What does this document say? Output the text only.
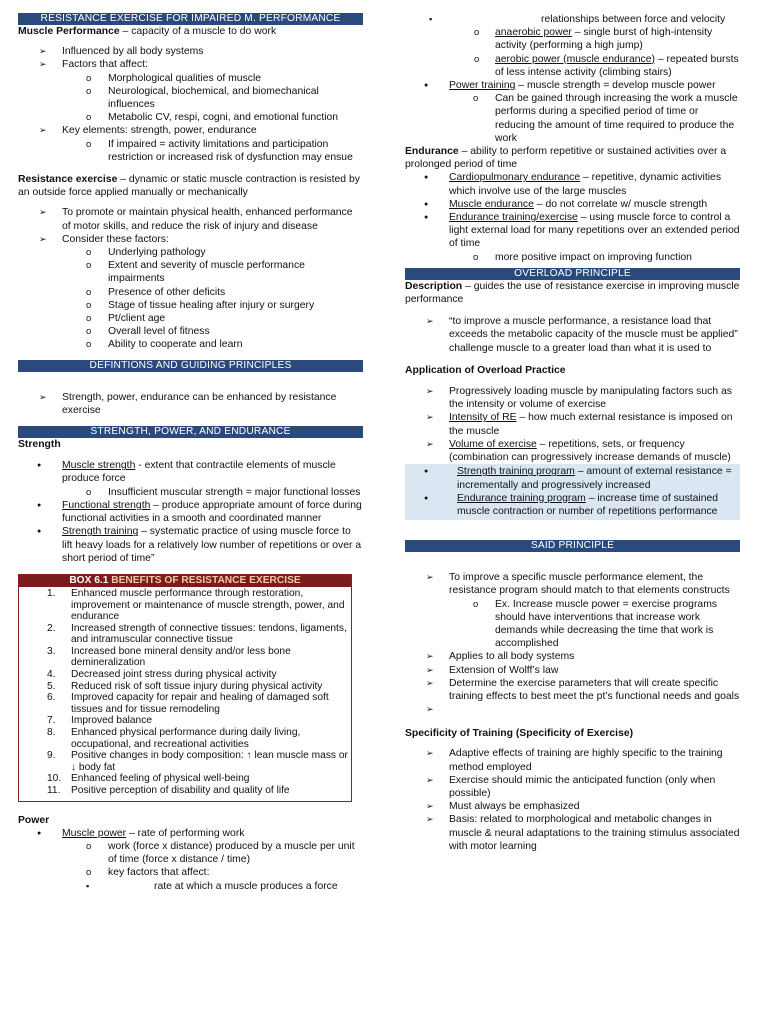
RESISTANCE EXERCISE FOR IMPAIRED M. PERFORMANCE
Muscle Performance – capacity of a muscle to do work
➢ Influenced by all body systems
➢ Factors that affect:
o Morphological qualities of muscle
o Neurological, biochemical, and biomechanical influences
o Metabolic CV, respi, cogni, and emotional function
➢ Key elements: strength, power, endurance
o If impaired = activity limitations and participation restriction or increased risk of dysfunction may ensue
Resistance exercise – dynamic or static muscle contraction is resisted by an outside force applied manually or mechanically
➢ To promote or maintain physical health, enhanced performance of motor skills, and reduce the risk of injury and disease
➢ Consider these factors:
o Underlying pathology
o Extent and severity of muscle performance impairments
o Presence of other deficits
o Stage of tissue healing after injury or surgery
o Pt/client age
o Overall level of fitness
o Ability to cooperate and learn
DEFINTIONS AND GUIDING PRINCIPLES
➢ Strength, power, endurance can be enhanced by resistance exercise
STRENGTH, POWER, AND ENDURANCE
Strength
● Muscle strength - extent that contractile elements of muscle produce force
o Insufficient muscular strength = major functional losses
● Functional strength – produce appropriate amount of force during functional activities in a smooth and coordinated manner
● Strength training – systematic practice of using muscle force to lift heavy loads for a relatively low number of repetitions or over a short period of time”
BOX 6.1 BENEFITS OF RESISTANCE EXERCISE
1. Enhanced muscle performance through restoration, improvement or maintenance of muscle strength, power, and endurance
2. Increased strength of connective tissues: tendons, ligaments, and intramuscular connective tissue
3. Increased bone mineral density and/or less bone demineralization
4. Decreased joint stress during physical activity
5. Reduced risk of soft tissue injury during physical activity
6. Improved capacity for repair and healing of damaged soft tissues and for tissue remodeling
7. Improved balance
8. Enhanced physical performance during daily living, occupational, and recreational activities
9. Positive changes in body composition: ↑ lean muscle mass or ↓ body fat
10. Enhanced feeling of physical well-being
11. Positive perception of disability and quality of life
Power
● Muscle power – rate of performing work
o work (force x distance) produced by a muscle per unit of time (force x distance / time)
o key factors that affect:
▪ rate at which a muscle produces a force
▪ relationships between force and velocity
o anaerobic power – single burst of high-intensity activity (performing a high jump)
o aerobic power (muscle endurance) – repeated bursts of less intense activity (climbing stairs)
● Power training – muscle strength = develop muscle power
o Can be gained through increasing the work a muscle performs during a specified period of time or reducing the amount of time required to produce the work
Endurance – ability to perform repetitive or sustained activities over a prolonged period of time
● Cardiopulmonary endurance – repetitive, dynamic activities which involve use of the large muscles
● Muscle endurance – do not correlate w/ muscle strength
● Endurance training/exercise – using muscle force to control a light external load for many repetitions over an extended period of time
o more positive impact on improving function
OVERLOAD PRINCIPLE
Description – guides the use of resistance exercise in improving muscle performance
➢ “to improve a muscle performance, a resistance load that exceeds the metabolic capacity of the muscle must be applied” challenge muscle to a greater load than what it is used to
Application of Overload Practice
➢ Progressively loading muscle by manipulating factors such as the intensity or volume of exercise
➢ Intensity of RE – how much external resistance is imposed on the muscle
➢ Volume of exercise – repetitions, sets, or frequency (combination can progressively increase demands of muscle)
● Strength training program – amount of external resistance = incrementally and progressively increased
● Endurance training program – increase time of sustained muscle contraction or number of repetitions performance
SAID PRINCIPLE
➢ To improve a specific muscle performance element, the resistance program should match to that elements constructs
o Ex. Increase muscle power = exercise programs should have interventions that increase work demands while decreasing the time that work is accomplished
➢ Applies to all body systems
➢ Extension of Wolff’s law
➢ Determine the exercise parameters that will create specific training effects to best meet the pt’s functional needs and goals
➢
Specificity of Training (Specificity of Exercise)
➢ Adaptive effects of training are highly specific to the training method employed
➢ Exercise should mimic the anticipated function (only when possible)
➢ Must always be emphasized
➢ Basis: related to morphological and metabolic changes in muscle & neural adaptations to the training stimulus associated with motor learning
